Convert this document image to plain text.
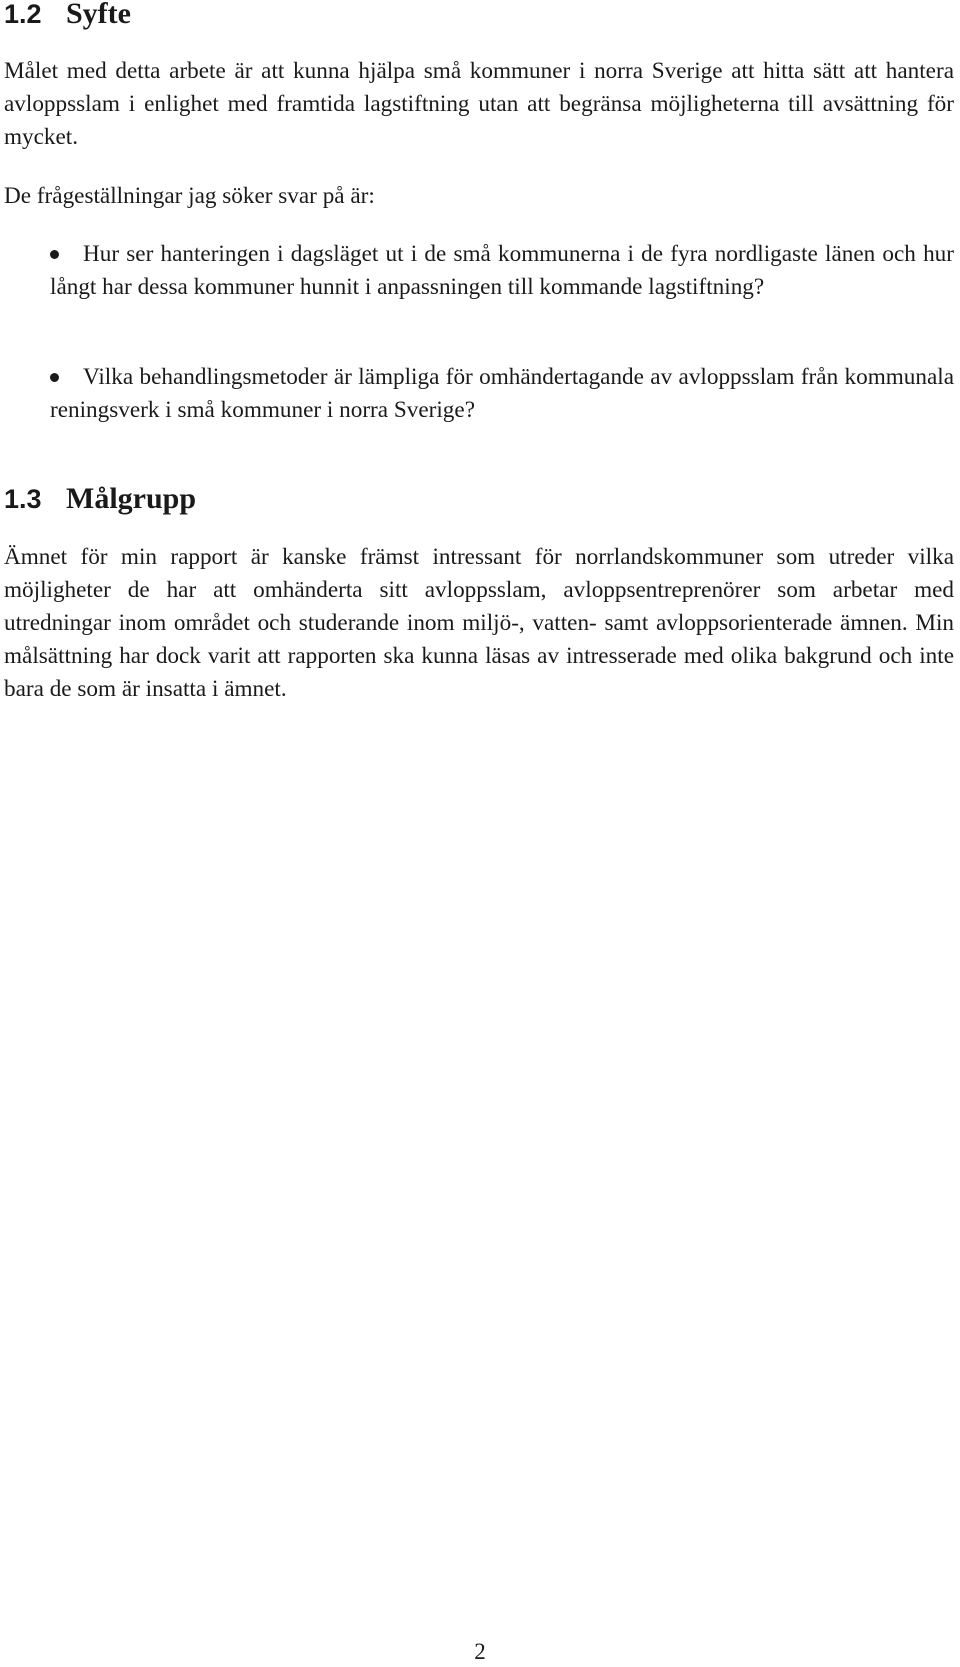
1.2 Syfte

Målet med detta arbete är att kunna hjälpa små kommuner i norra Sverige att hitta sätt att hantera avloppsslam i enlighet med framtida lagstiftning utan att begränsa möjligheterna till avsättning för mycket.

De frågeställningar jag söker svar på är:

Hur ser hanteringen i dagsläget ut i de små kommunerna i de fyra nordligaste länen och hur långt har dessa kommuner hunnit i anpassningen till kommande lagstiftning?
Vilka behandlingsmetoder är lämpliga för omhändertagande av avloppsslam från kommunala reningsverk i små kommuner i norra Sverige?
1.3 Målgrupp

Ämnet för min rapport är kanske främst intressant för norrlandskommuner som utreder vilka möjligheter de har att omhänderta sitt avloppsslam, avloppsentreprenörer som arbetar med utredningar inom området och studerande inom miljö-, vatten- samt avloppsorienterade ämnen. Min målsättning har dock varit att rapporten ska kunna läsas av intresserade med olika bakgrund och inte bara de som är insatta i ämnet.

2
